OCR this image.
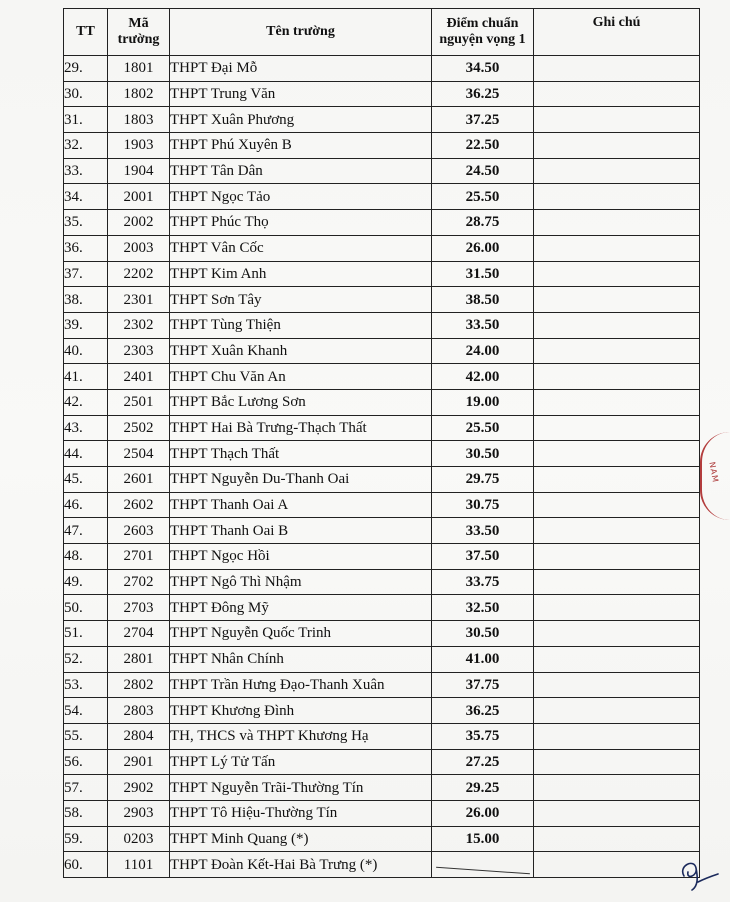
TT	Mã trường	Tên trường	Điểm chuẩn nguyện vọng 1	Ghi chú
29.	1801	THPT Đại Mỗ	34.50	
30.	1802	THPT Trung Văn	36.25	
31.	1803	THPT Xuân Phương	37.25	
32.	1903	THPT Phú Xuyên B	22.50	
33.	1904	THPT Tân Dân	24.50	
34.	2001	THPT Ngọc Tảo	25.50	
35.	2002	THPT Phúc Thọ	28.75	
36.	2003	THPT Vân Cốc	26.00	
37.	2202	THPT Kim Anh	31.50	
38.	2301	THPT Sơn Tây	38.50	
39.	2302	THPT Tùng Thiện	33.50	
40.	2303	THPT Xuân Khanh	24.00	
41.	2401	THPT Chu Văn An	42.00	
42.	2501	THPT Bắc Lương Sơn	19.00	
43.	2502	THPT Hai Bà Trưng-Thạch Thất	25.50	
44.	2504	THPT Thạch Thất	30.50	
45.	2601	THPT Nguyễn Du-Thanh Oai	29.75	
46.	2602	THPT Thanh Oai A	30.75	
47.	2603	THPT Thanh Oai B	33.50	
48.	2701	THPT Ngọc Hồi	37.50	
49.	2702	THPT Ngô Thì Nhậm	33.75	
50.	2703	THPT Đông Mỹ	32.50	
51.	2704	THPT Nguyễn Quốc Trinh	30.50	
52.	2801	THPT Nhân Chính	41.00	
53.	2802	THPT Trần Hưng Đạo-Thanh Xuân	37.75	
54.	2803	THPT Khương Đình	36.25	
55.	2804	TH, THCS và THPT Khương Hạ	35.75	
56.	2901	THPT Lý Tử Tấn	27.25	
57.	2902	THPT Nguyễn Trãi-Thường Tín	29.25	
58.	2903	THPT Tô Hiệu-Thường Tín	26.00	
59.	0203	THPT Minh Quang (*)	15.00	
60.	1101	THPT Đoàn Kết-Hai Bà Trưng (*)	

NAM
